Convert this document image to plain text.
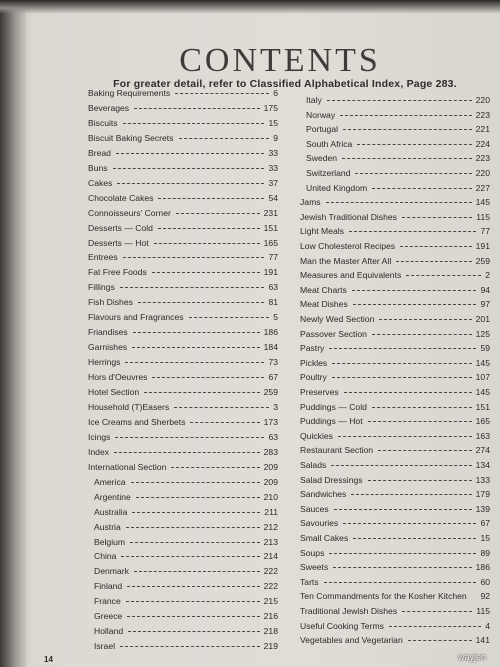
CONTENTS
For greater detail, refer to Classified Alphabetical Index, Page 283.
Baking Requirements	6
Beverages	175
Biscuits	15
Biscuit Baking Secrets	9
Bread	33
Buns	33
Cakes	37
Chocolate Cakes	54
Connoisseurs' Corner	231
Desserts — Cold	151
Desserts — Hot	165
Entrees	77
Fat Free Foods	191
Fillings	63
Fish Dishes	81
Flavours and Fragrances	5
Friandises	186
Garnishes	184
Herrings	73
Hors d'Oeuvres	67
Hotel Section	259
Household (T)Easers	3
Ice Creams and Sherbets	173
Icings	63
Index	283
International Section	209
America	209
Argentine	210
Australia	211
Austria	212
Belgium	213
China	214
Denmark	222
Finland	222
France	215
Greece	216
Holland	218
Israel	219
Italy	220
Norway	223
Portugal	221
South Africa	224
Sweden	223
Switzerland	220
United Kingdom	227
Jams	145
Jewish Traditional Dishes	115
Light Meals	77
Low Cholesterol Recipes	191
Man the Master After All	259
Measures and Equivalents	2
Meat Charts	94
Meat Dishes	97
Newly Wed Section	201
Passover Section	125
Pastry	59
Pickles	145
Poultry	107
Preserves	145
Puddings — Cold	151
Puddings — Hot	165
Quickies	163
Restaurant Section	274
Salads	134
Salad Dressings	133
Sandwiches	179
Sauces	139
Savouries	67
Small Cakes	15
Soups	89
Sweets	186
Tarts	60
Ten Commandments for the Kosher Kitchen 92
Traditional Jewish Dishes	115
Useful Cooking Terms	4
Vegetables and Vegetarian	141
14	wayjen
